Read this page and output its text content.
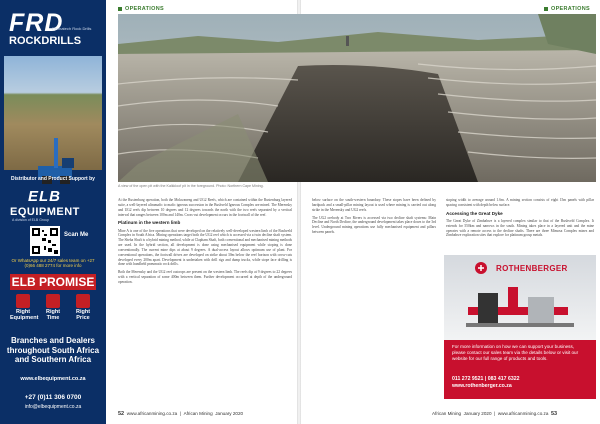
FRD
Fermatech Rock Drills
ROCKDRILLS
Distributor and Product Support by
ELB
EQUIPMENT
A division of ELB Group
Scan Me
Or WhatsApp our 24/7 sales team on +27 (0)66 488 2774 for more info
ELB PROMISE
Right Equipment
Right Time
Right Price
Branches and Dealers throughout South Africa and Southern Africa
www.elbequipment.co.za
+27 (0)11 306 0700
info@elbequipment.co.za
OPERATIONS	OPERATIONS
A view of the open pit with the Kalkkloof pit in the foreground. Photo: Northern Cape Mining.

At the Rustenburg operation, both the Mokwaneng and UG2 Reefs, which are contained within the Rustenburg layered suite, a well-layered ultramafic to mafic igneous succession in the Bushveld Igneous Complex are mined. The Merensky and UG2 reefs dip between 10 degrees and 12 degrees towards the north with the two reefs separated by a vertical interval that ranges between 100m and 140m. Cross-cut development occurs in the footwall of the reef.

Platinum in the western limb

Mine A is one of the five operations that were developed on the relatively well-developed western limb of the Bushveld Complex in South Africa. Mining operations target both the UG2 reef which is accessed via a twin decline shaft system. The Sheba Shaft is a hybrid mining method, while at Clapham Shaft, both conventional and mechanised mining methods are used. In the hybrid section, all development is done using mechanised equipment while stoping is done conventionally. The current mine dips at about 9 degrees. A dual-access layout allows optimum use of plant. For conventional operations, the footwall drives are developed on strike about 30m below the reef horizon with cross-cuts developed every 200m apart. Development is undertaken with drill rigs and dump trucks, while stope face drilling is done with handheld pneumatic rock drills.

Both the Merensky and the UG2 reef outcrops are present on the western limb. The reefs dip at 9 degrees to 22 degrees with a vertical separation of some 400m between them. Further development occurred at depth of the underground operation.

below surface on the south-western boundary. These stopes have been defined by hardpack and a small-pillar mining layout is used where mining is carried out along strike in the Merensky and UG2 reefs.

The UG2 orebody at Two Rivers is accessed via two decline shaft systems: Main Decline and North Decline, the underground development takes place down to the 3rd level. Underground mining operations use fully mechanised equipment and pillars between panels.

stoping width to average around 1.6m. A mining section consists of eight 15m panels with pillar spacing consistent with depth below surface.

Accessing the Great Dyke

The Great Dyke of Zimbabwe is a layered complex similar to that of the Bushveld Complex. It extends for 550km and narrows in the south. Mining takes place in a layered unit and the mine operates with a remote access to the decline shafts. There are three Mimosa Complex mines and Zimbabwe exploration sites that explore for platinum group metals.

ROTHENBERGER
For more information on how we can support your business, please contact our sales team via the details below or visit our website for our full range of products and tools.
011 272 9521 | 083 417 6322
www.rothenberger.co.za
52 www.africanmining.co.za  |  African Mining January 2020	African Mining January 2020  |  www.africanmining.co.za 53
